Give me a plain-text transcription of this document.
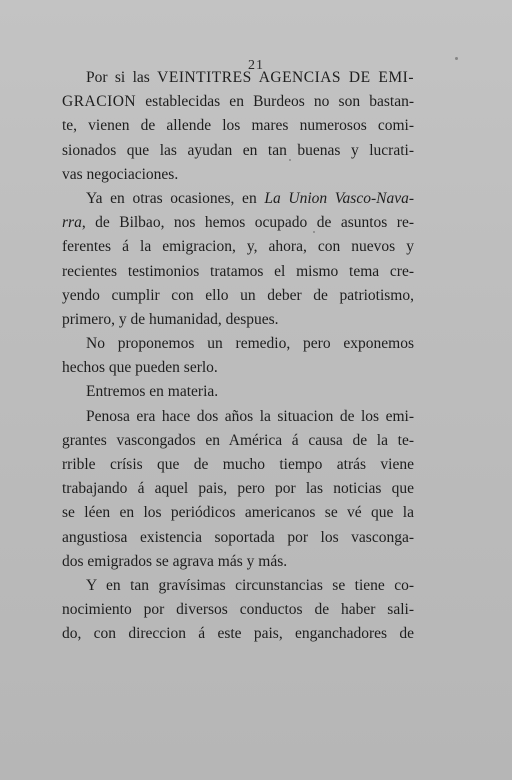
21
Por si las VEINTITRES AGENCIAS DE EMI-
GRACION establecidas en Burdeos no son bastan-
te, vienen de allende los mares numerosos comi-
sionados que las ayudan en tan buenas y lucrati-
vas negociaciones.
Ya en otras ocasiones, en La Union Vasco-Nava-
rra, de Bilbao, nos hemos ocupado de asuntos re-
ferentes á la emigracion, y, ahora, con nuevos y
recientes testimonios tratamos el mismo tema cre-
yendo cumplir con ello un deber de patriotismo,
primero, y de humanidad, despues.
No proponemos un remedio, pero exponemos
hechos que pueden serlo.
Entremos en materia.
Penosa era hace dos años la situacion de los emi-
grantes vascongados en América á causa de la te-
rrible crísis que de mucho tiempo atrás viene
trabajando á aquel pais, pero por las noticias que
se léen en los periódicos americanos se vé que la
angustiosa existencia soportada por los vasconga-
dos emigrados se agrava más y más.
Y en tan gravísimas circunstancias se tiene co-
nocimiento por diversos conductos de haber sali-
do, con direccion á este pais, enganchadores de
